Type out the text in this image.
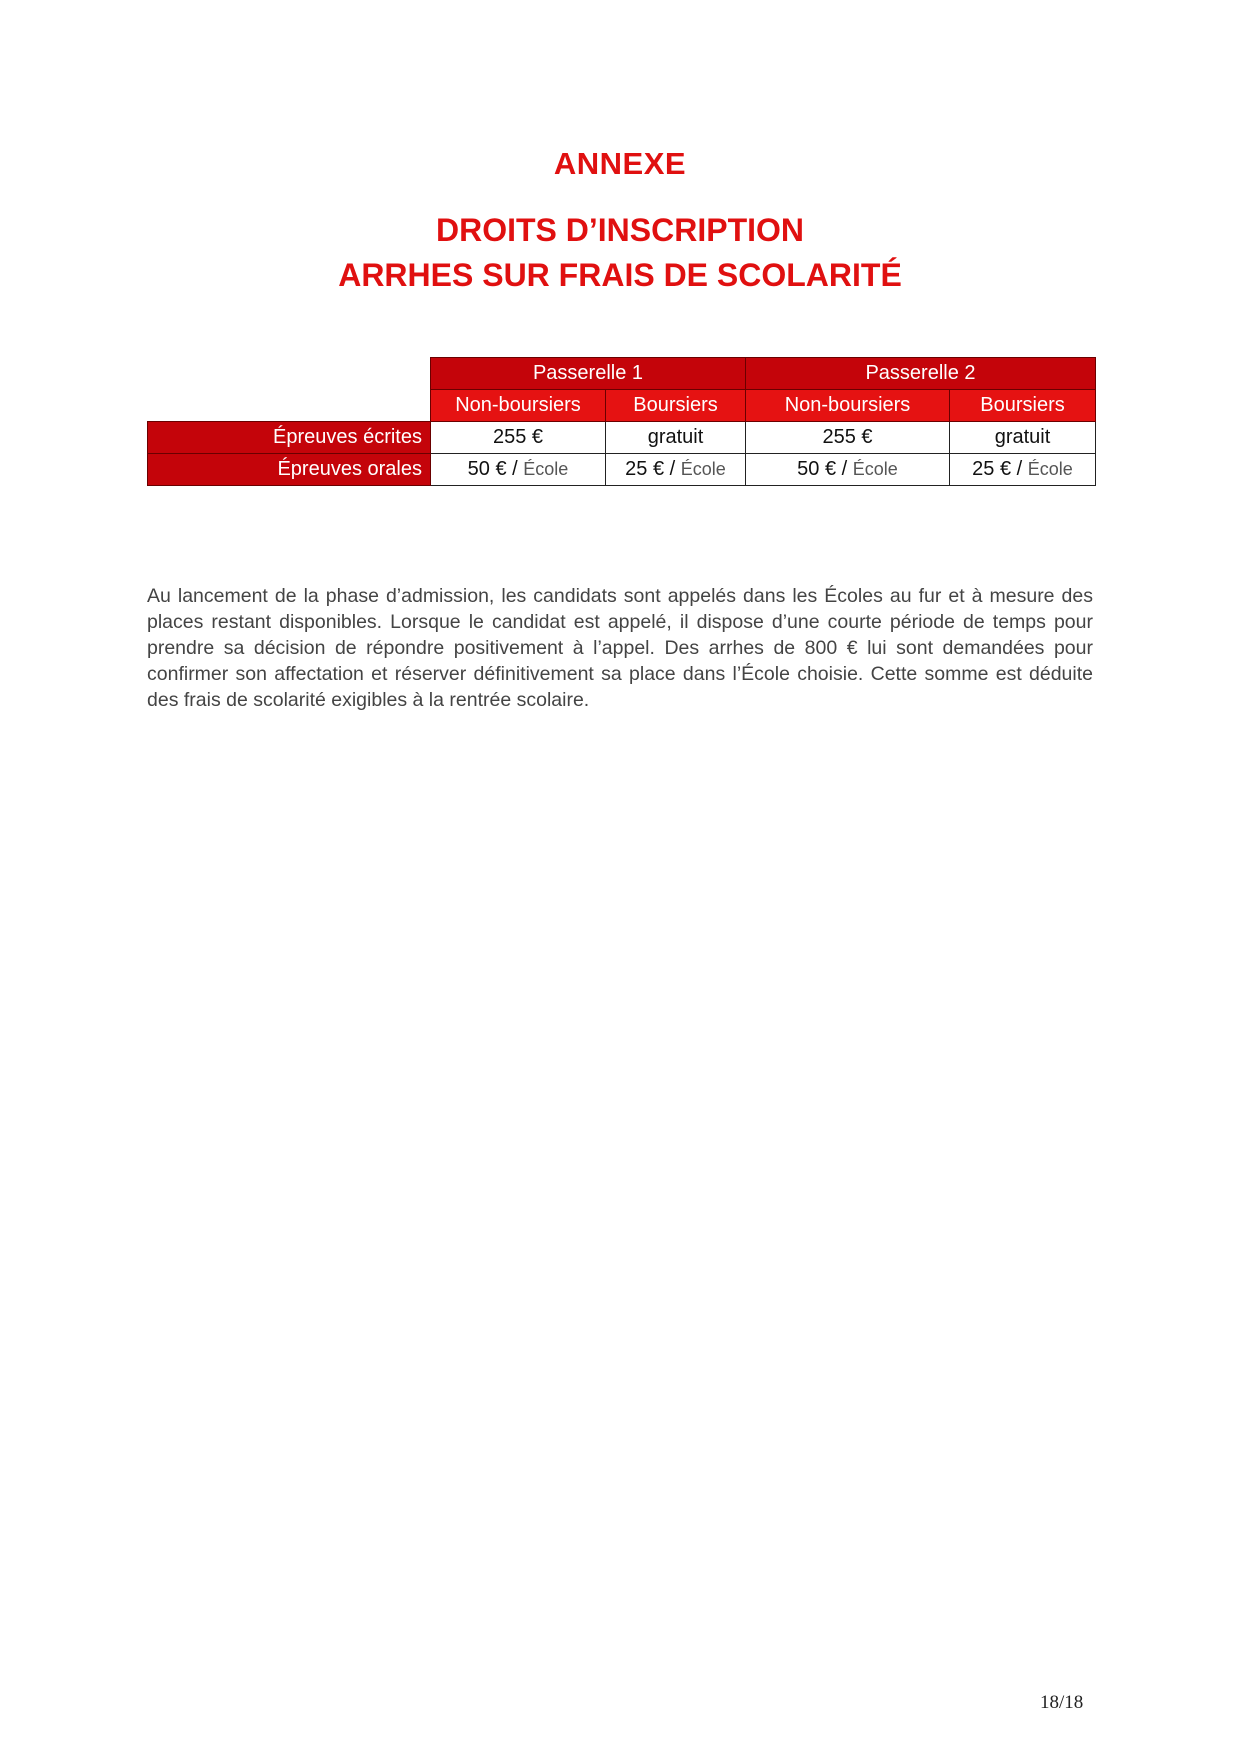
ANNEXE
DROITS D’INSCRIPTION
ARRHES SUR FRAIS DE SCOLARITÉ
	Passerelle 1		Passerelle 2	
	Non-boursiers	Boursiers	Non-boursiers	Boursiers
Épreuves écrites	255 €	gratuit	255 €	gratuit
Épreuves orales	50 € / École	25 € / École	50 € / École	25 € / École

Au lancement de la phase d’admission, les candidats sont appelés dans les Écoles au fur et à mesure des places restant disponibles. Lorsque le candidat est appelé, il dispose d’une courte période de temps pour prendre sa décision de répondre positivement à l’appel. Des arrhes de 800 € lui sont demandées pour confirmer son affectation et réserver définitivement sa place dans l’École choisie. Cette somme est déduite des frais de scolarité exigibles à la rentrée scolaire.

18/18
